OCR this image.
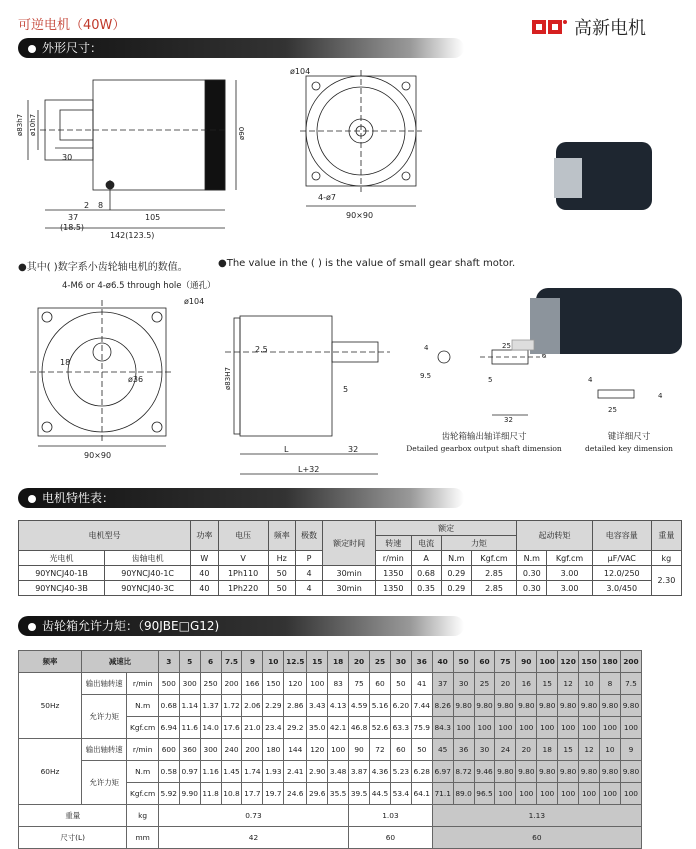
可逆电机（40W）	高新电机
外形尺寸：
ø83h7 ø10h7	ø90
30
2 8
37
(18.5)
105
142(123.5)
ø104
4-ø7
90×90
4-M6 or 4-ø6.5 through hole（通孔）
ø104
18
ø36
90×90
2.5
ø83H7	5
L	32
L+32
4
9.5
25
5
32
4
25
4
●其中( )数字系小齿轮轴电机的数值。	●The value in the ( ) is the value of small gear shaft motor.
齿轮箱输出轴详细尺寸
Detailed gearbox output shaft dimension
键详细尺寸
detailed key dimension
电机特性表：
电机型号		功率	电压	频率	极数	额定时间	额定				起动转矩		电容容量	重量
							转速	电流	力矩					
光电机	齿轴电机	W	V	Hz	P		r/min	A	N.m	Kgf.cm	N.m	Kgf.cm	μF/VAC	kg
90YNCJ40-1B	90YNCJ40-1C	40	1Ph110	50	4	30min	1350	0.68	0.29	2.85	0.30	3.00	12.0/250	2.30
90YNCJ40-3B	90YNCJ40-3C	40	1Ph220	50	4	30min	1350	0.35	0.29	2.85	0.30	3.00	3.0/450	
齿轮箱允许力矩：（90JBE□G12)
频率	减速比		3	5	6	7.5	9	10	12.5	15	18	20	25	30	36	40	50	60	75	90	100	120	150	180	200
50Hz	输出轴转速	r/min	500	300	250	200	166	150	120	100	83	75	60	50	41	37	30	25	20	16	15	12	10	8	7.5
	允许力矩	N.m	0.68	1.14	1.37	1.72	2.06	2.29	2.86	3.43	4.13	4.59	5.16	6.20	7.44	8.26	9.80	9.80	9.80	9.80	9.80	9.80	9.80	9.80	9.80
		Kgf.cm	6.94	11.6	14.0	17.6	21.0	23.4	29.2	35.0	42.1	46.8	52.6	63.3	75.9	84.3	100	100	100	100	100	100	100	100	100
60Hz	输出轴转速	r/min	600	360	300	240	200	180	144	120	100	90	72	60	50	45	36	30	24	20	18	15	12	10	9
	允许力矩	N.m	0.58	0.97	1.16	1.45	1.74	1.93	2.41	2.90	3.48	3.87	4.36	5.23	6.28	6.97	8.72	9.46	9.80	9.80	9.80	9.80	9.80	9.80	9.80
		Kgf.cm	5.92	9.90	11.8	10.8	17.7	19.7	24.6	29.6	35.5	39.5	44.5	53.4	64.1	71.1	89.0	96.5	100	100	100	100	100	100	100
重量		kg	0.73									1.03				1.13									
尺寸(L)		mm	42									60				60									
